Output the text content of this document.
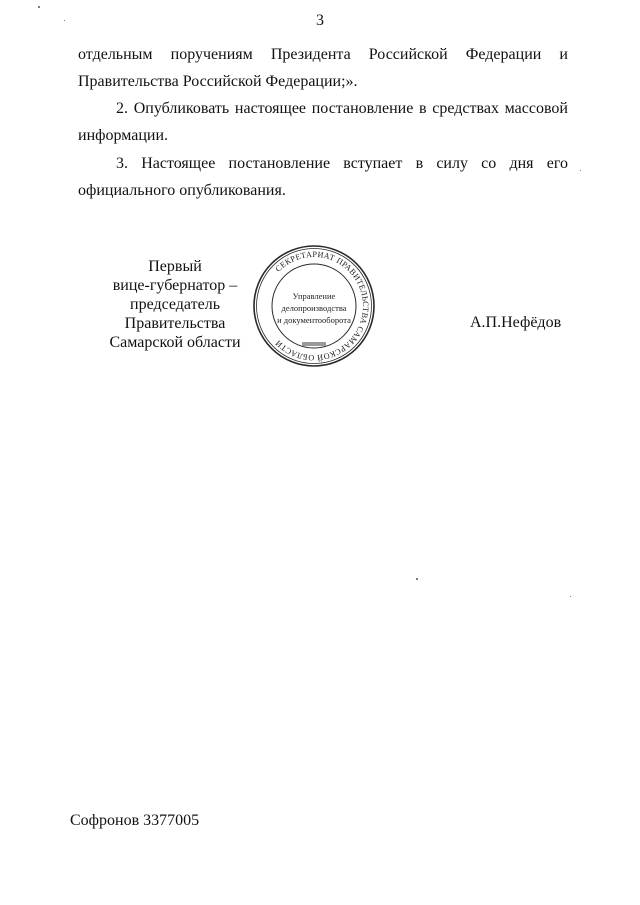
3

отдельным поручениям Президента Российской Федерации и

Правительства Российской Федерации;».

2. Опубликовать настоящее постановление в средствах массовой

информации.

3. Настоящее постановление вступает в силу со дня его

официального опубликования.

Первый
вице-губернатор –
председатель Правительства
Самарской области
А.П.Нефёдов
СЕКРЕТАРИАТ ПРАВИТЕЛЬСТВА САМАРСКОЙ ОБЛАСТИ
Управление
делопроизводства
и документооборота
Софронов 3377005
